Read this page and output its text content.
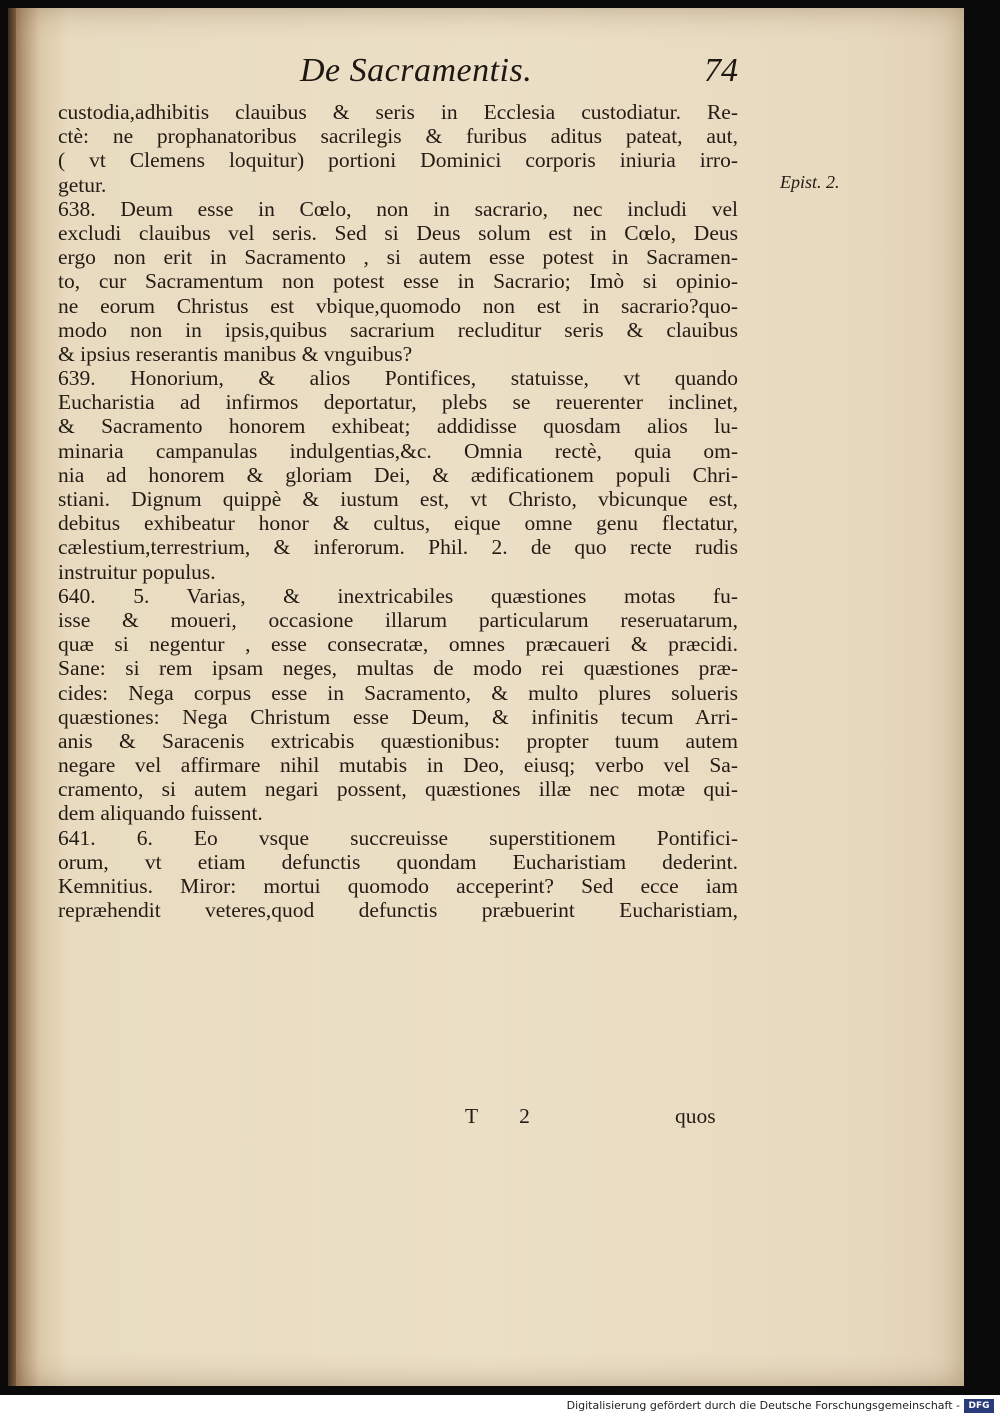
De Sacramentis.	74
Epist. 2.
custodia,adhibitis clauibus & seris in Ecclesia custodiatur. Re-
ctè: ne prophanatoribus sacrilegis & furibus aditus pateat, aut,
( vt Clemens loquitur) portioni Dominici corporis iniuria irro-
getur.
638. Deum esse in Cœlo, non in sacrario, nec includi vel
excludi clauibus vel seris. Sed si Deus solum est in Cœlo, Deus
ergo non erit in Sacramento , si autem esse potest in Sacramen-
to, cur Sacramentum non potest esse in Sacrario; Imò si opinio-
ne eorum Christus est vbique,quomodo non est in sacrario?quo-
modo non in ipsis,quibus sacrarium recluditur seris & clauibus
& ipsius reserantis manibus & vnguibus?
639. Honorium, & alios Pontifices, statuisse, vt quando
Eucharistia ad infirmos deportatur, plebs se reuerenter inclinet,
& Sacramento honorem exhibeat; addidisse quosdam alios lu-
minaria campanulas indulgentias,&c. Omnia rectè, quia om-
nia ad honorem & gloriam Dei, & ædificationem populi Chri-
stiani. Dignum quippè & iustum est, vt Christo, vbicunque est,
debitus exhibeatur honor & cultus, eique omne genu flectatur,
cælestium,terrestrium, & inferorum. Phil. 2. de quo recte rudis
instruitur populus.
640. 5. Varias, & inextricabiles quæstiones motas fu-
isse & moueri, occasione illarum particularum reseruatarum,
quæ si negentur , esse consecratæ, omnes præcaueri & præcidi.
Sane: si rem ipsam neges, multas de modo rei quæstiones præ-
cides: Nega corpus esse in Sacramento, & multo plures solueris
quæstiones: Nega Christum esse Deum, & infinitis tecum Arri-
anis & Saracenis extricabis quæstionibus: propter tuum autem
negare vel affirmare nihil mutabis in Deo, eiusq; verbo vel Sa-
cramento, si autem negari possent, quæstiones illæ nec motæ qui-
dem aliquando fuissent.
641. 6. Eo vsque succreuisse superstitionem Pontifici-
orum, vt etiam defunctis quondam Eucharistiam dederint.
Kemnitius. Miror: mortui quomodo acceperint? Sed ecce iam
repræhendit veteres,quod defunctis præbuerint Eucharistiam,
T 2	quos
Digitalisierung gefördert durch die Deutsche Forschungsgemeinschaft - DFG
